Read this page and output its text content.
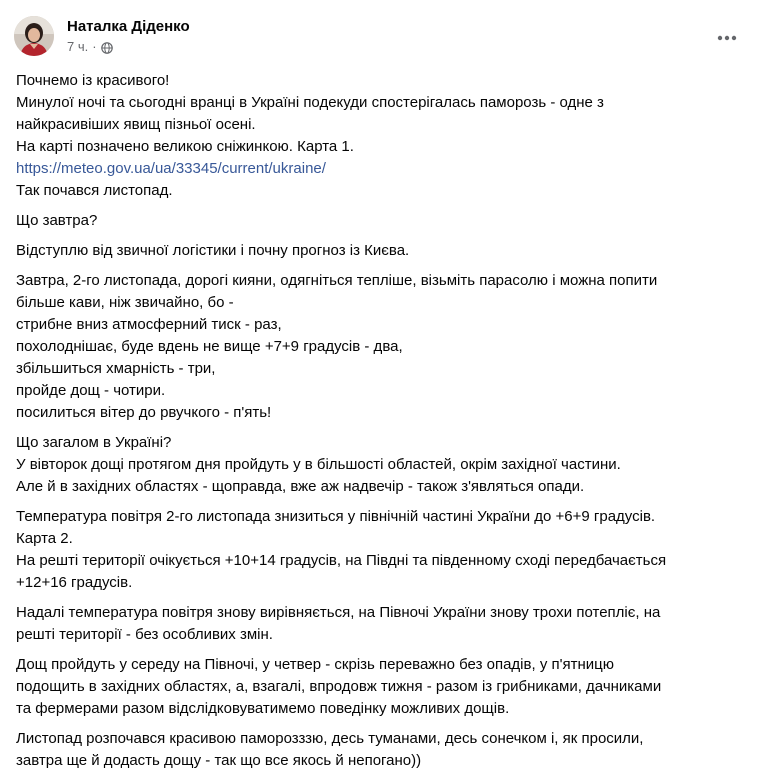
Наталка Діденко
7 ч. ·
Почнемо із красивого!
Минулої ночі та сьогодні вранці в Україні подекуди спостерігалась паморозь - одне з
найкрасивіших явищ пізньої осені.
На карті позначено великою сніжинкою. Карта 1.
https://meteo.gov.ua/ua/33345/current/ukraine/
Так почався листопад.
Що завтра?
Відступлю від звичної логістики і почну прогноз із Києва.
Завтра, 2-го листопада, дорогі кияни, одягніться тепліше, візьміть парасолю і можна попити
більше кави, ніж звичайно, бо -
стрибне вниз атмосферний тиск - раз,
похолоднішає, буде вдень не вище +7+9 градусів - два,
збільшиться хмарність - три,
пройде дощ - чотири.
посилиться вітер до рвучкого - п'ять!
Що загалом в Україні?
У вівторок дощі протягом дня пройдуть у в більшості областей, окрім західної частини.
Але й в західних областях - щоправда, вже аж надвечір - також з'являться опади.
Температура повітря 2-го листопада знизиться у північній частині України до +6+9 градусів.
Карта 2.
На решті території очікується +10+14 градусів, на Півдні та південному сході передбачається
+12+16 градусів.
Надалі температура повітря знову вирівняється, на Півночі України знову трохи потепліє, на
решті території - без особливих змін.
Дощ пройдуть у середу на Півночі, у четвер - скрізь переважно без опадів, у п'ятницю
подощить в західних областях, а, взагалі, впродовж тижня - разом із грибниками, дачниками
та фермерами разом відслідковуватимемо поведінку можливих дощів.
Листопад розпочався красивою паморозззю, десь туманами, десь сонечком і, як просили,
завтра ще й додасть дощу - так що все якось й непогано))
